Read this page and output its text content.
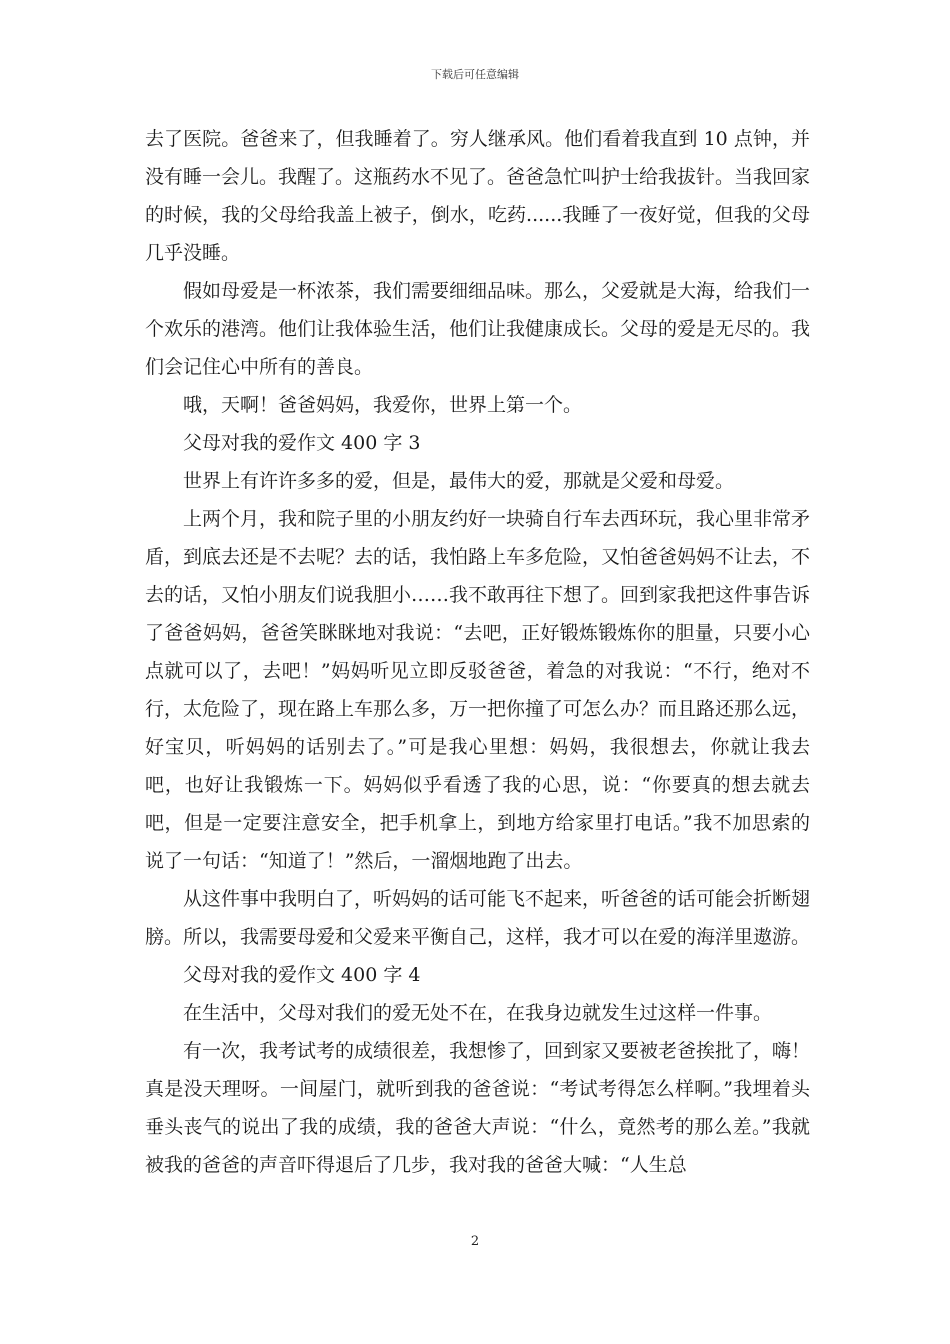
下载后可任意编辑

去了医院。爸爸来了，但我睡着了。穷人继承风。他们看着我直到 10 点钟，并没有睡一会儿。我醒了。这瓶药水不见了。爸爸急忙叫护士给我拔针。当我回家的时候，我的父母给我盖上被子，倒水，吃药......我睡了一夜好觉，但我的父母几乎没睡。

假如母爱是一杯浓茶，我们需要细细品味。那么，父爱就是大海，给我们一个欢乐的港湾。他们让我体验生活，他们让我健康成长。父母的爱是无尽的。我们会记住心中所有的善良。

哦，天啊！爸爸妈妈，我爱你，世界上第一个。

父母对我的爱作文 400 字 3

世界上有许许多多的爱，但是，最伟大的爱，那就是父爱和母爱。

上两个月，我和院子里的小朋友约好一块骑自行车去西环玩，我心里非常矛盾，到底去还是不去呢？去的话，我怕路上车多危险，又怕爸爸妈妈不让去，不去的话，又怕小朋友们说我胆小……我不敢再往下想了。回到家我把这件事告诉了爸爸妈妈，爸爸笑眯眯地对我说：“去吧，正好锻炼锻炼你的胆量，只要小心点就可以了，去吧！”妈妈听见立即反驳爸爸，着急的对我说：“不行，绝对不行，太危险了，现在路上车那么多，万一把你撞了可怎么办？而且路还那么远，好宝贝，听妈妈的话别去了。”可是我心里想：妈妈，我很想去，你就让我去吧，也好让我锻炼一下。妈妈似乎看透了我的心思，说：“你要真的想去就去吧，但是一定要注意安全，把手机拿上，到地方给家里打电话。”我不加思索的说了一句话：“知道了！”然后，一溜烟地跑了出去。

从这件事中我明白了，听妈妈的话可能飞不起来，听爸爸的话可能会折断翅膀。所以，我需要母爱和父爱来平衡自己，这样，我才可以在爱的海洋里遨游。

父母对我的爱作文 400 字 4

在生活中，父母对我们的爱无处不在，在我身边就发生过这样一件事。

有一次，我考试考的成绩很差，我想惨了，回到家又要被老爸挨批了，嗨！真是没天理呀。一间屋门，就听到我的爸爸说：“考试考得怎么样啊。”我埋着头垂头丧气的说出了我的成绩，我的爸爸大声说：“什么，竟然考的那么差。”我就被我的爸爸的声音吓得退后了几步，我对我的爸爸大喊：“人生总

2
